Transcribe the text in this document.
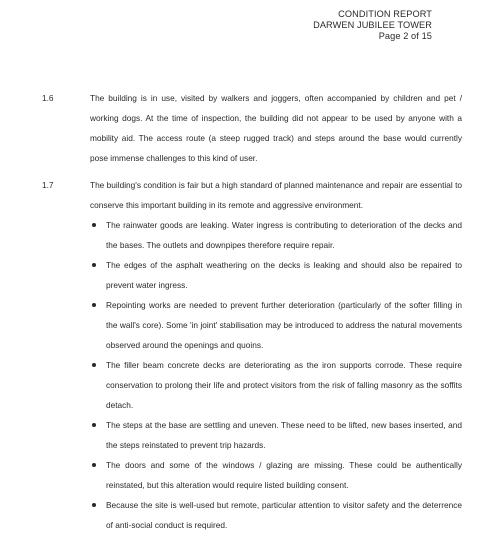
CONDITION REPORT
DARWEN JUBILEE TOWER
Page 2 of 15
1.6	The building is in use, visited by walkers and joggers, often accompanied by children and pet / working dogs. At the time of inspection, the building did not appear to be used by anyone with a mobility aid. The access route (a steep rugged track) and steps around the base would currently pose immense challenges to this kind of user.
1.7	The building's condition is fair but a high standard of planned maintenance and repair are essential to conserve this important building in its remote and aggressive environment.
The rainwater goods are leaking. Water ingress is contributing to deterioration of the decks and the bases. The outlets and downpipes therefore require repair.
The edges of the asphalt weathering on the decks is leaking and should also be repaired to prevent water ingress.
Repointing works are needed to prevent further deterioration (particularly of the softer filling in the wall's core). Some 'in joint' stabilisation may be introduced to address the natural movements observed around the openings and quoins.
The filler beam concrete decks are deteriorating as the iron supports corrode. These require conservation to prolong their life and protect visitors from the risk of falling masonry as the soffits detach.
The steps at the base are settling and uneven. These need to be lifted, new bases inserted, and the steps reinstated to prevent trip hazards.
The doors and some of the windows / glazing are missing. These could be authentically reinstated, but this alteration would require listed building consent.
Because the site is well-used but remote, particular attention to visitor safety and the deterrence of anti-social conduct is required.
